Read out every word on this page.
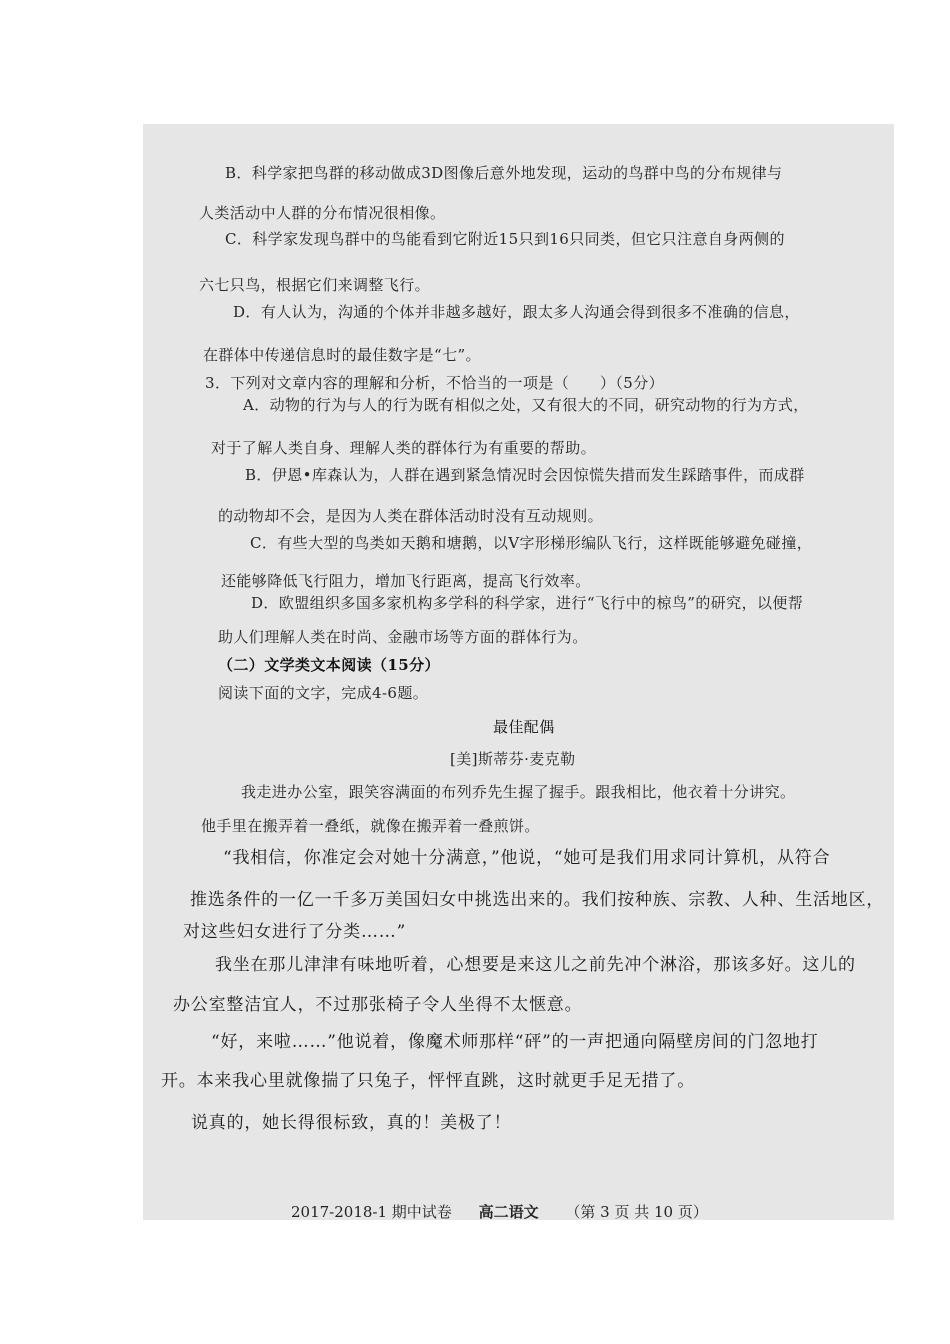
B．科学家把鸟群的移动做成3D图像后意外地发现，运动的鸟群中鸟的分布规律与
人类活动中人群的分布情况很相像。
C．科学家发现鸟群中的鸟能看到它附近15只到16只同类，但它只注意自身两侧的
六七只鸟，根据它们来调整飞行。
D．有人认为，沟通的个体并非越多越好，跟太多人沟通会得到很多不准确的信息，
在群体中传递信息时的最佳数字是“七”。
3．下列对文章内容的理解和分析，不恰当的一项是（　　）（5分）
A．动物的行为与人的行为既有相似之处，又有很大的不同，研究动物的行为方式，
对于了解人类自身、理解人类的群体行为有重要的帮助。
B．伊恩•库森认为，人群在遇到紧急情况时会因惊慌失措而发生踩踏事件，而成群
的动物却不会，是因为人类在群体活动时没有互动规则。
C．有些大型的鸟类如天鹅和塘鹅，以V字形梯形编队飞行，这样既能够避免碰撞，
还能够降低飞行阻力，增加飞行距离，提高飞行效率。
D．欧盟组织多国多家机构多学科的科学家，进行“飞行中的椋鸟”的研究，以便帮
助人们理解人类在时尚、金融市场等方面的群体行为。
（二）文学类文本阅读（15分）
阅读下面的文字，完成4-6题。
最佳配偶
[美]斯蒂芬·麦克勒
我走进办公室，跟笑容满面的布列乔先生握了握手。跟我相比，他衣着十分讲究。
他手里在搬弄着一叠纸，就像在搬弄着一叠煎饼。
“我相信，你准定会对她十分满意，”他说，“她可是我们用求同计算机，从符合
推选条件的一亿一千多万美国妇女中挑选出来的。我们按种族、宗教、人种、生活地区，
对这些妇女进行了分类……”
我坐在那儿津津有味地听着，心想要是来这儿之前先冲个淋浴，那该多好。这儿的
办公室整洁宜人，不过那张椅子令人坐得不太惬意。
“好，来啦……”他说着，像魔术师那样“砰”的一声把通向隔壁房间的门忽地打
开。本来我心里就像揣了只兔子，怦怦直跳，这时就更手足无措了。
说真的，她长得很标致，真的！美极了！
2017-2018-1 期中试卷 高二语文 （第 3 页 共 10 页）
